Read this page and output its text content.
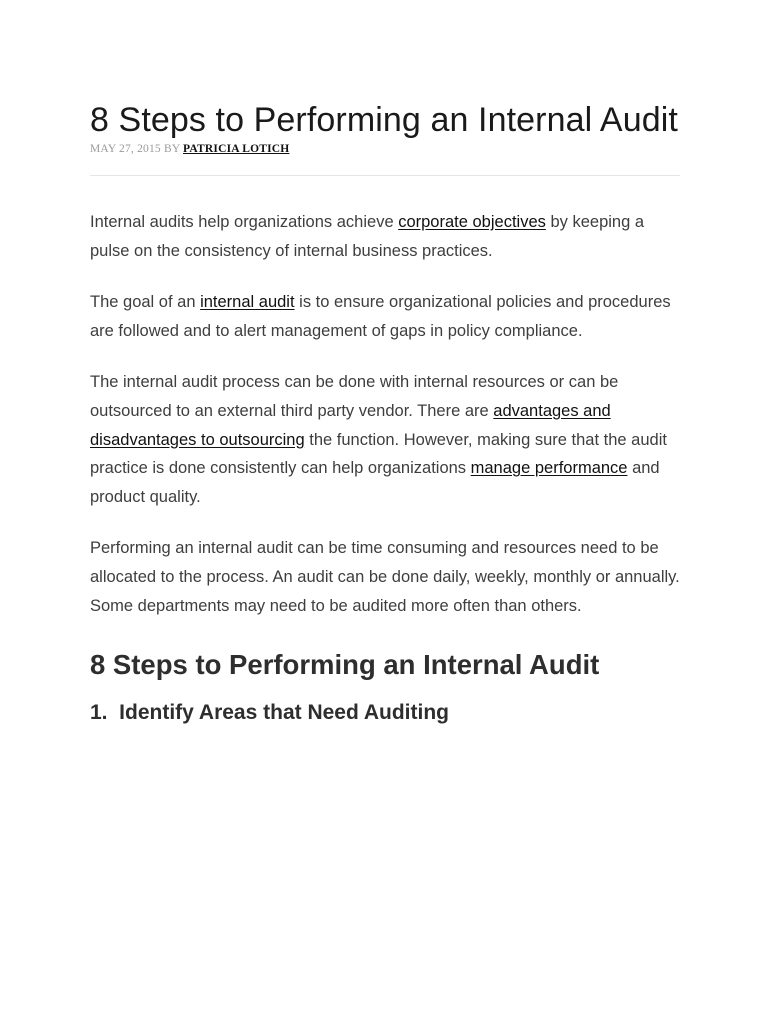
8 Steps to Performing an Internal Audit
MAY 27, 2015 BY PATRICIA LOTICH

Internal audits help organizations achieve corporate objectives by keeping a pulse on the consistency of internal business practices.

The goal of an internal audit is to ensure organizational policies and procedures are followed and to alert management of gaps in policy compliance.

The internal audit process can be done with internal resources or can be outsourced to an external third party vendor. There are advantages and disadvantages to outsourcing the function. However, making sure that the audit practice is done consistently can help organizations manage performance and product quality.

Performing an internal audit can be time consuming and resources need to be allocated to the process. An audit can be done daily, weekly, monthly or annually. Some departments may need to be audited more often than others.

8 Steps to Performing an Internal Audit
1.  Identify Areas that Need Auditing
